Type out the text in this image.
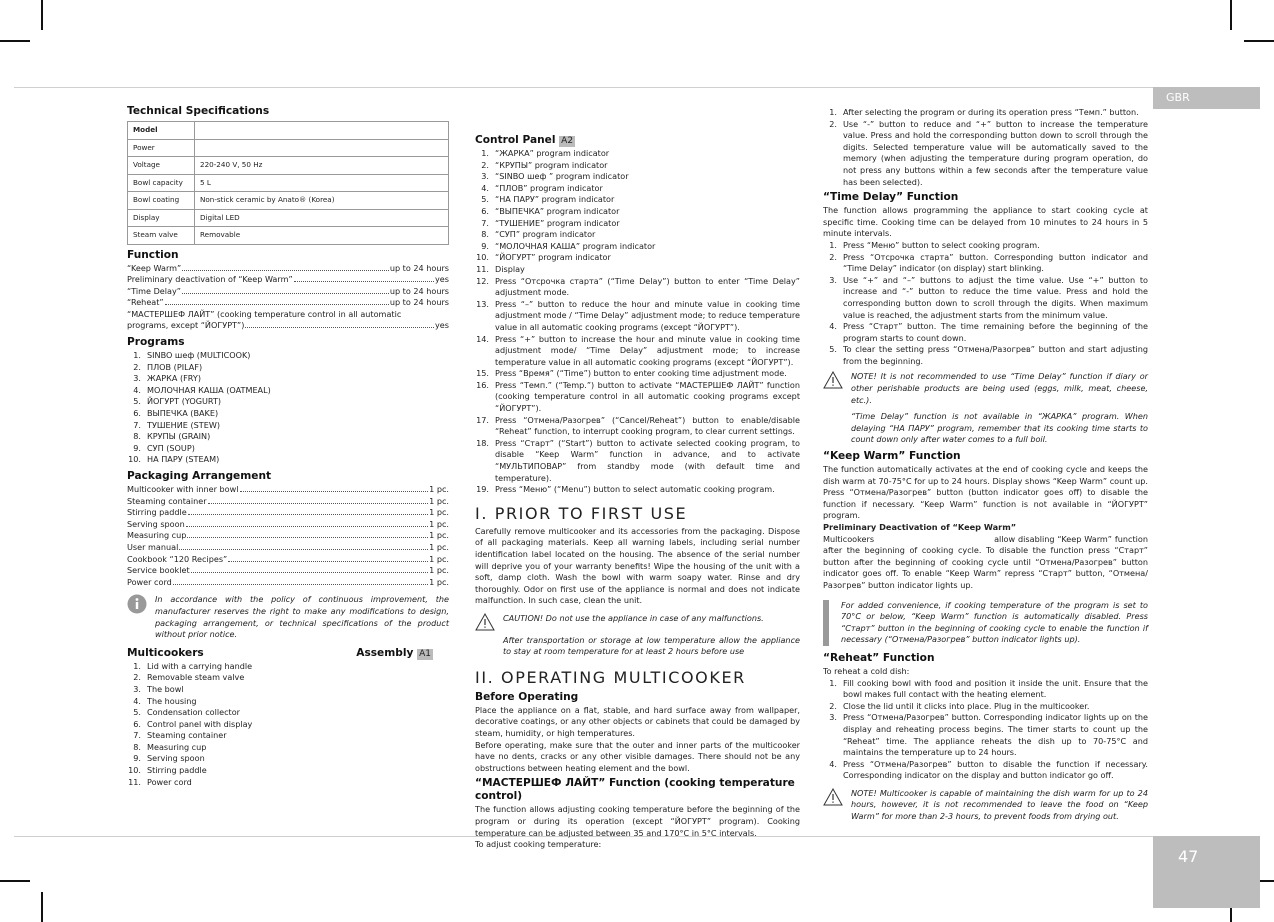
GBR
47
Technical Specifications
Model	
Power	
Voltage	220-240 V, 50 Hz
Bowl capacity	5 L
Bowl coating	Non-stick ceramic by Anato® (Korea)
Display	Digital LED
Steam valve	Removable
Function
“Keep Warm”	up to 24 hours
Preliminary deactivation of “Keep Warm”	yes
“Time Delay”	up to 24 hours
“Reheat”	up to 24 hours
“МАСТЕРШЕФ ЛАЙТ” (cooking temperature control in all automatic
programs, except “ЙОГУРТ”)	yes
Programs
1. SINBO шеф (MULTICOOK)
2. ПЛОВ (PILAF)
3. ЖАРКА (FRY)
4. МОЛОЧНАЯ КАША (OATMEAL)
5. ЙОГУРТ (YOGURT)
6. ВЫПЕЧКА (BAKE)
7. ТУШЕНИЕ (STEW)
8. КРУПЫ (GRAIN)
9. СУП (SOUP)
10. НА ПАРУ (STEAM)
Packaging Arrangement
Multicooker with inner bowl	1 pc.
Steaming container	1 pc.
Stirring paddle	1 pc.
Serving spoon	1 pc.
Measuring cup	1 pc.
User manual	1 pc.
Cookbook “120 Recipes”	1 pc.
Service booklet	1 pc.
Power cord	1 pc.
In accordance with the policy of continuous improvement, the manufacturer reserves the right to make any modifications to design, packaging arrangement, or technical specifications of the product without prior notice.
Multicookers	Assembly A1
1. Lid with a carrying handle
2. Removable steam valve
3. The bowl
4. The housing
5. Condensation collector
6. Control panel with display
7. Steaming container
8. Measuring cup
9. Serving spoon
10. Stirring paddle
11. Power cord
Control Panel A2
1. “ЖАРКА” program indicator
2. “КРУПЫ” program indicator
3. “SINBO шеф ” program indicator
4. “ПЛОВ” program indicator
5. “НА ПАРУ” program indicator
6. “ВЫПЕЧКА” program indicator
7. “ТУШЕНИЕ” program indicator
8. “СУП” program indicator
9. “МОЛОЧНАЯ КАША” program indicator
10. “ЙОГУРТ” program indicator
11. Display
12. Press “Отсрочка старта” (“Time Delay”) button to enter “Time Delay” adjustment mode.
13. Press “–” button to reduce the hour and minute value in cooking time adjustment mode / “Time Delay” adjustment mode; to reduce temperature value in all automatic cooking programs (except “ЙОГУРТ”).
14. Press “+” button to increase the hour and minute value in cooking time adjustment mode/ “Time Delay” adjustment mode; to increase temperature value in all automatic cooking programs (except “ЙОГУРТ”).
15. Press “Время” (“Time”) button to enter cooking time adjustment mode.
16. Press “Темп.” (“Temp.”) button to activate “МАСТЕРШЕФ ЛАЙТ” function (cooking temperature control in all automatic cooking programs except “ЙОГУРТ”).
17. Press “Отмена/Разогрев” (“Cancel/Reheat”) button to enable/disable “Reheat” function, to interrupt cooking program, to clear current settings.
18. Press “Старт” (“Start”) button to activate selected cooking program, to disable “Keep Warm” function in advance, and to activate “МУЛЬТИПОВАР” from standby mode (with default time and temperature).
19. Press “Меню” (“Menu”) button to select automatic cooking program.
I. PRIOR TO FIRST USE

Carefully remove multicooker and its accessories from the packaging. Dispose of all packaging materials. Keep all warning labels, including serial number identification label located on the housing. The absence of the serial number will deprive you of your warranty benefits! Wipe the housing of the unit with a soft, damp cloth. Wash the bowl with warm soapy water. Rinse and dry thoroughly. Odor on first use of the appliance is normal and does not indicate malfunction. In such case, clean the unit.

CAUTION! Do not use the appliance in case of any malfunctions.
After transportation or storage at low temperature allow the appliance to stay at room temperature for at least 2 hours before use
II. OPERATING MULTICOOKER
Before Operating

Place the appliance on a flat, stable, and hard surface away from wallpaper, decorative coatings, or any other objects or cabinets that could be damaged by steam, humidity, or high temperatures.

Before operating, make sure that the outer and inner parts of the multicooker have no dents, cracks or any other visible damages. There should not be any obstructions between heating element and the bowl.

“МАСТЕРШЕФ ЛАЙТ” Function (cooking temperature control)

The function allows adjusting cooking temperature before the beginning of the program or during its operation (except “ЙОГУРТ” program). Cooking temperature can be adjusted between 35 and 170°C in 5°C intervals.

To adjust cooking temperature:

1. After selecting the program or during its operation press “Темп.” button.
2. Use “-” button to reduce and “+” button to increase the temperature value. Press and hold the corresponding button down to scroll through the digits. Selected temperature value will be automatically saved to the memory (when adjusting the temperature during program operation, do not press any buttons within a few seconds after the temperature value has been selected).
“Time Delay” Function

The function allows programming the appliance to start cooking cycle at specific time. Cooking time can be delayed from 10 minutes to 24 hours in 5 minute intervals.

1. Press “Меню” button to select cooking program.
2. Press “Отсрочка старта” button. Corresponding button indicator and “Time Delay” indicator (on display) start blinking.
3. Use “+” and “–” buttons to adjust the time value. Use “+” button to increase and “-” button to reduce the time value. Press and hold the corresponding button down to scroll through the digits. When maximum value is reached, the adjustment starts from the minimum value.
4. Press “Старт” button. The time remaining before the beginning of the program starts to count down.
5. To clear the setting press “Отмена/Разогрев” button and start adjusting from the beginning.
NOTE! It is not recommended to use “Time Delay” function if diary or other perishable products are being used (eggs, milk, meat, cheese, etc.).
“Time Delay” function is not available in “ЖАРКА” program. When delaying “НА ПАРУ” program, remember that its cooking time starts to count down only after water comes to a full boil.
“Keep Warm” Function

The function automatically activates at the end of cooking cycle and keeps the dish warm at 70-75°C for up to 24 hours. Display shows “Keep Warm” count up. Press “Отмена/Разогрев” button (button indicator goes off) to disable the function if necessary. “Keep Warm” function is not available in “ЙОГУРТ” program.

Preliminary Deactivation of “Keep Warm”

Multicookers	allow disabling “Keep Warm” function after the beginning of cooking cycle. To disable the function press “Старт” button after the beginning of cooking cycle until “Отмена/Разогрев” button indicator goes off. To enable “Keep Warm” repress “Старт” button, “Отмена/Разогрев” button indicator lights up.

For added convenience, if cooking temperature of the program is set to 70°C or below, “Keep Warm” function is automatically disabled. Press “Старт” button in the beginning of cooking cycle to enable the function if necessary (“Отмена/Разогрев” button indicator lights up).
“Reheat” Function

To reheat a cold dish:

1. Fill cooking bowl with food and position it inside the unit. Ensure that the bowl makes full contact with the heating element.
2. Close the lid until it clicks into place. Plug in the multicooker.
3. Press “Отмена/Разогрев” button. Corresponding indicator lights up on the display and reheating process begins. The timer starts to count up the “Reheat” time. The appliance reheats the dish up to 70-75°C and maintains the temperature up to 24 hours.
4. Press “Отмена/Разогрев” button to disable the function if necessary. Corresponding indicator on the display and button indicator go off.
NOTE! Multicooker is capable of maintaining the dish warm for up to 24 hours, however, it is not recommended to leave the food on “Keep Warm” for more than 2-3 hours, to prevent foods from drying out.
